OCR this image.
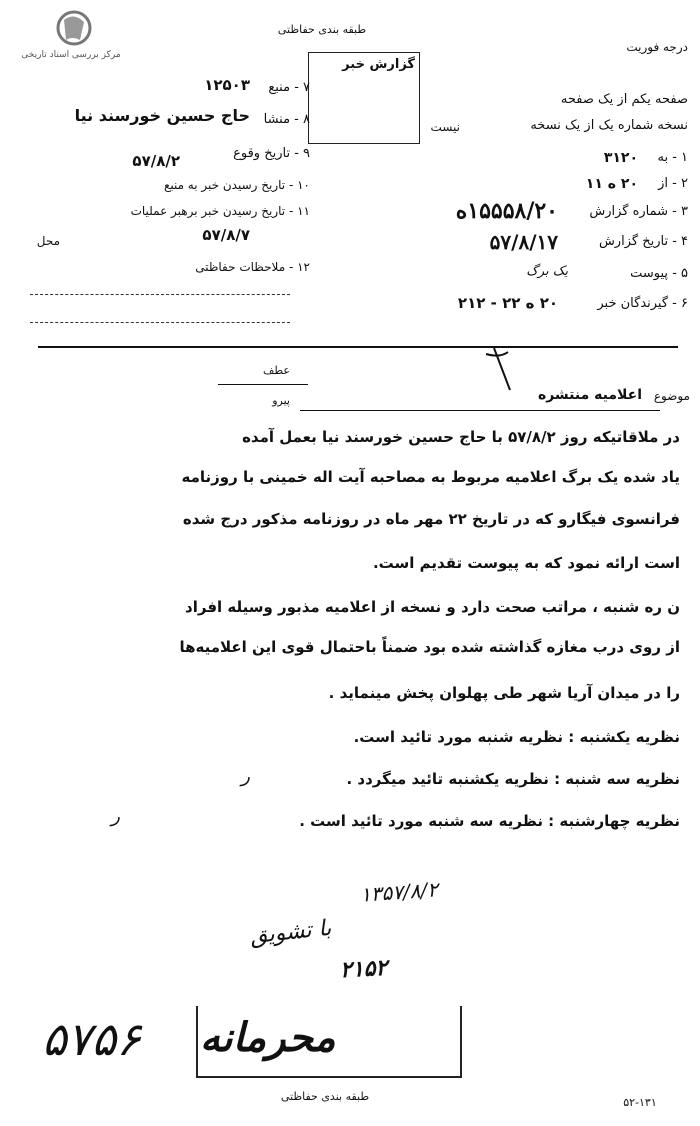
مرکز بررسی اسناد تاریخی
طبقه بندی حفاظتی
گزارش خبر
درجه فوریت
صفحه یکم از یک صفحه
نسخه شماره یک از یک نسخه
نیست
۱ - به
۳۱۲۰
۲ - از
۲۰ ه ۱۱
۳ - شماره گزارش
۱۵۵۵۸/۲۰ه
۴ - تاریخ گزارش
۵۷/۸/۱۷
۵ - پیوست
یک برگ
۶ - گیرندگان خبر
۲۰ ه ۲۲ - ۲۱۲
۷ - منبع
۱۲۵۰۳
۸ - منشا
حاج حسین خورسند نیا
۹ - تاریخ وقوع
۵۷/۸/۲
۱۰ - تاریخ رسیدن خبر به منبع
۱۱ - تاریخ رسیدن خبر برهبر عملیات
محل	۵۷/۸/۷
۱۲ - ملاحظات حفاظتی
عطف
پیرو	موضوع
اعلامیه منتشره
در ملاقاتیکه روز ۵۷/۸/۲ با حاج حسین خورسند نیا بعمل آمده
یاد شده یک برگ اعلامیه مربوط به مصاحبه آیت اله خمینی با روزنامه
فرانسوی فیگارو که در تاریخ ۲۲ مهر ماه در روزنامه مذکور درج شده
است ارائه نمود که به پیوست تقدیم است.
ن ره شنبه ، مراتب صحت دارد و نسخه از اعلامیه مذبور وسیله افراد
از روی درب مغازه گذاشته شده بود ضمناً باحتمال قوی این اعلامیه‌ها
را در میدان آریا شهر طی پهلوان پخش مینماید .
نظریه یکشنبه : نظریه شنبه مورد تائید است.
نظریه سه شنبه : نظریه یکشنبه تائید میگردد .
ر
نظریه چهارشنبه : نظریه سه شنبه مورد تائید است .
ر
۱۳۵۷/۸/۲
با تشویق
۲۱۵۲
۵۷۵۶ محرمانه
طبقه بندی حفاظتی	۵۲-۱۳۱
